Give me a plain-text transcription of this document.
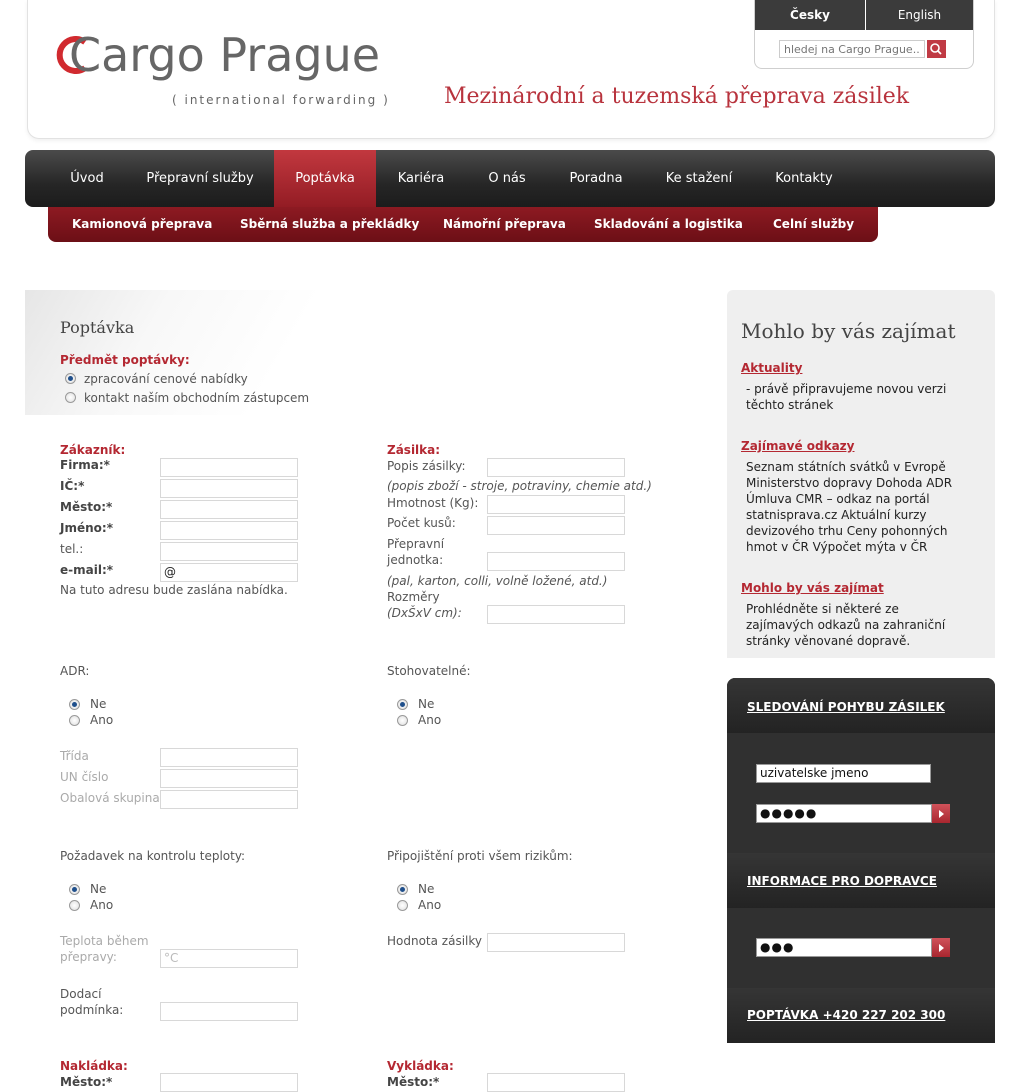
Cargo Prague
( international forwarding ) Mezinárodní a tuzemská přeprava zásilek
Česky	English
hledej na Cargo Prague...
Úvod	Přepravní služby	Poptávka	Kariéra	O nás	Poradna	Ke stažení	Kontakty
Kamionová přeprava Sběrná služba a překládky Námořní přeprava Skladování a logistika	Celní služby
Poptávka
Předmět poptávky:
zpracování cenové nabídky
kontakt naším obchodním zástupcem
Zákazník:
Firma:*
IČ:*
Město:*
Jméno:*
tel.:
e-mail:*	@
Na tuto adresu bude zaslána nabídka.
Zásilka:
Popis zásilky:
(popis zboží - stroje, potraviny, chemie atd.)
Hmotnost (Kg):
Počet kusů:
Přepravní
jednotka:
(pal, karton, colli, volně ložené, atd.)
Rozměry
(DxŠxV cm):
ADR:
Ne
Ano
Třída
UN číslo
Obalová skupina
Stohovatelné:
Ne
Ano
Požadavek na kontrolu teploty:
Ne
Ano
Teplota během
přepravy:	°C
Dodací
podmínka:
Připojištění proti všem rizikům:
Ne
Ano
Hodnota zásilky
Nakládka:
Město:*
Vykládka:
Město:*
Mohlo by vás zajímat
Aktuality
- právě připravujeme novou verzi těchto stránek
Zajímavé odkazy
Seznam státních svátků v Evropě Ministerstvo dopravy Dohoda ADR Úmluva CMR – odkaz na portál statnisprava.cz Aktuální kurzy devizového trhu Ceny pohonných hmot v ČR Výpočet mýta v ČR
Mohlo by vás zajímat
Prohlédněte si některé ze zajímavých odkazů na zahraniční stránky věnované dopravě.
SLEDOVÁNÍ POHYBU ZÁSILEK
uzivatelske jmeno
●●●●●
INFORMACE PRO DOPRAVCE
●●●
POPTÁVKA +420 227 202 300
